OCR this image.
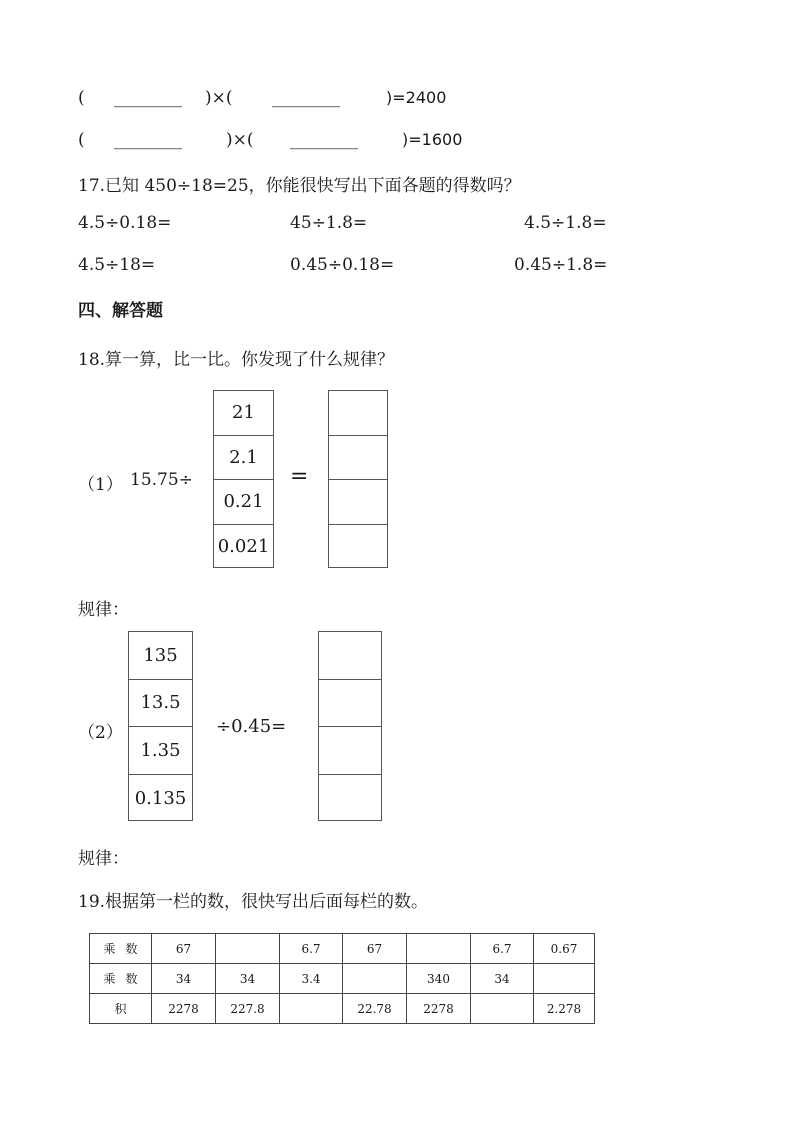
( ________ )×( ________	)=2400
( ________	)×( ________	)=1600
17.已知 450÷18=25，你能很快写出下面各题的得数吗？
4.5÷0.18=	45÷1.8=	4.5÷1.8=
4.5÷18=	0.45÷0.18=	0.45÷1.8=
四、解答题
18.算一算，比一比。你发现了什么规律？
（1） 15.75÷
21
2.1
0.21
0.021
=
规律：
135
13.5
1.35
0.135
（2）	÷0.45=
规律：
19.根据第一栏的数，很快写出后面每栏的数。
乘数	67		6.7	67		6.7	0.67
乘数	34	34	3.4		340	34	
积	2278	227.8		22.78	2278		2.278
